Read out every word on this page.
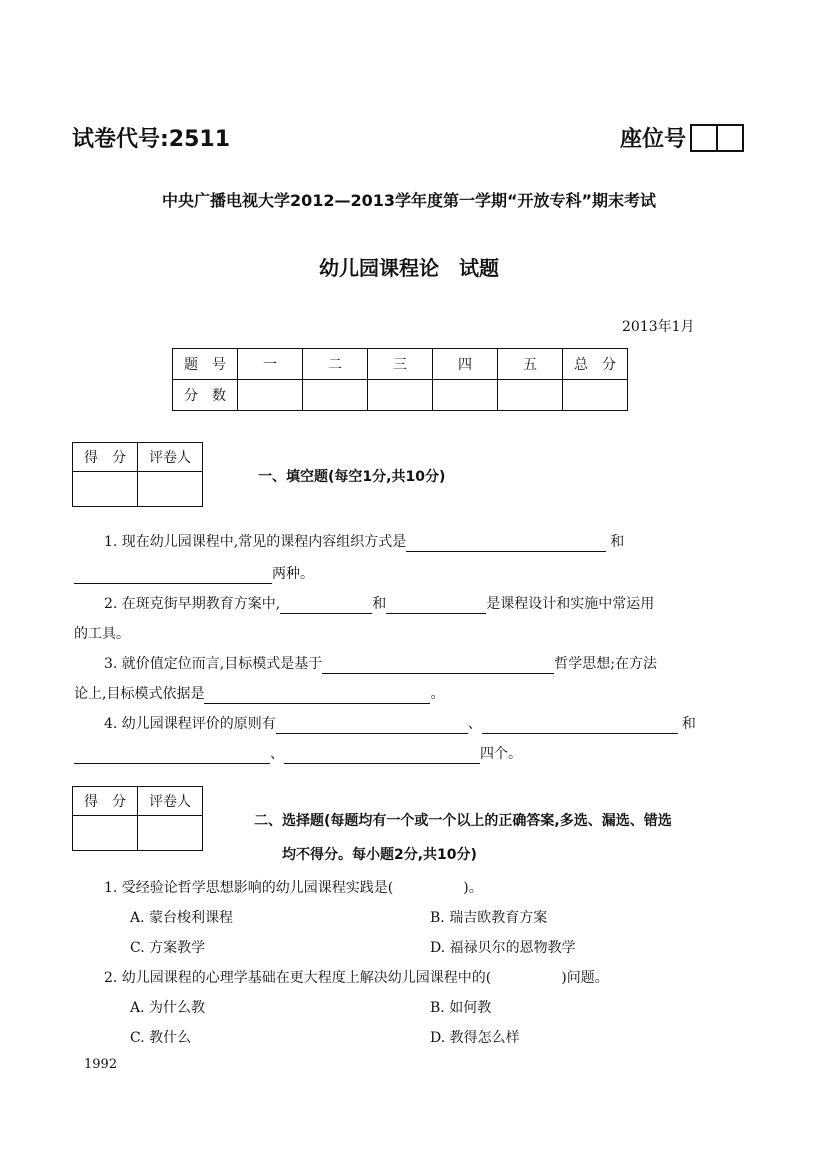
试卷代号:2511	座位号
中央广播电视大学2012—2013学年度第一学期“开放专科”期末考试
幼儿园课程论　试题
2013年1月
题　号	一	二	三	四	五	总　分
分　数						
得　分	评卷人

一、填空题(每空1分,共10分)
1. 现在幼儿园课程中,常见的课程内容组织方式是	和
两种。
2. 在斑克街早期教育方案中,	和	是课程设计和实施中常运用
的工具。
3. 就价值定位而言,目标模式是基于	哲学思想;在方法
论上,目标模式依据是	。
4. 幼儿园课程评价的原则有	、	和
、	四个。
得　分	评卷人

二、选择题(每题均有一个或一个以上的正确答案,多选、漏选、错选
均不得分。每小题2分,共10分)
1. 受经验论哲学思想影响的幼儿园课程实践是(　　　　　)。
A. 蒙台梭利课程	B. 瑞吉欧教育方案
C. 方案教学	D. 福禄贝尔的恩物教学
2. 幼儿园课程的心理学基础在更大程度上解决幼儿园课程中的(　　　　　)问题。
A. 为什么教	B. 如何教
C. 教什么	D. 教得怎么样
1992
